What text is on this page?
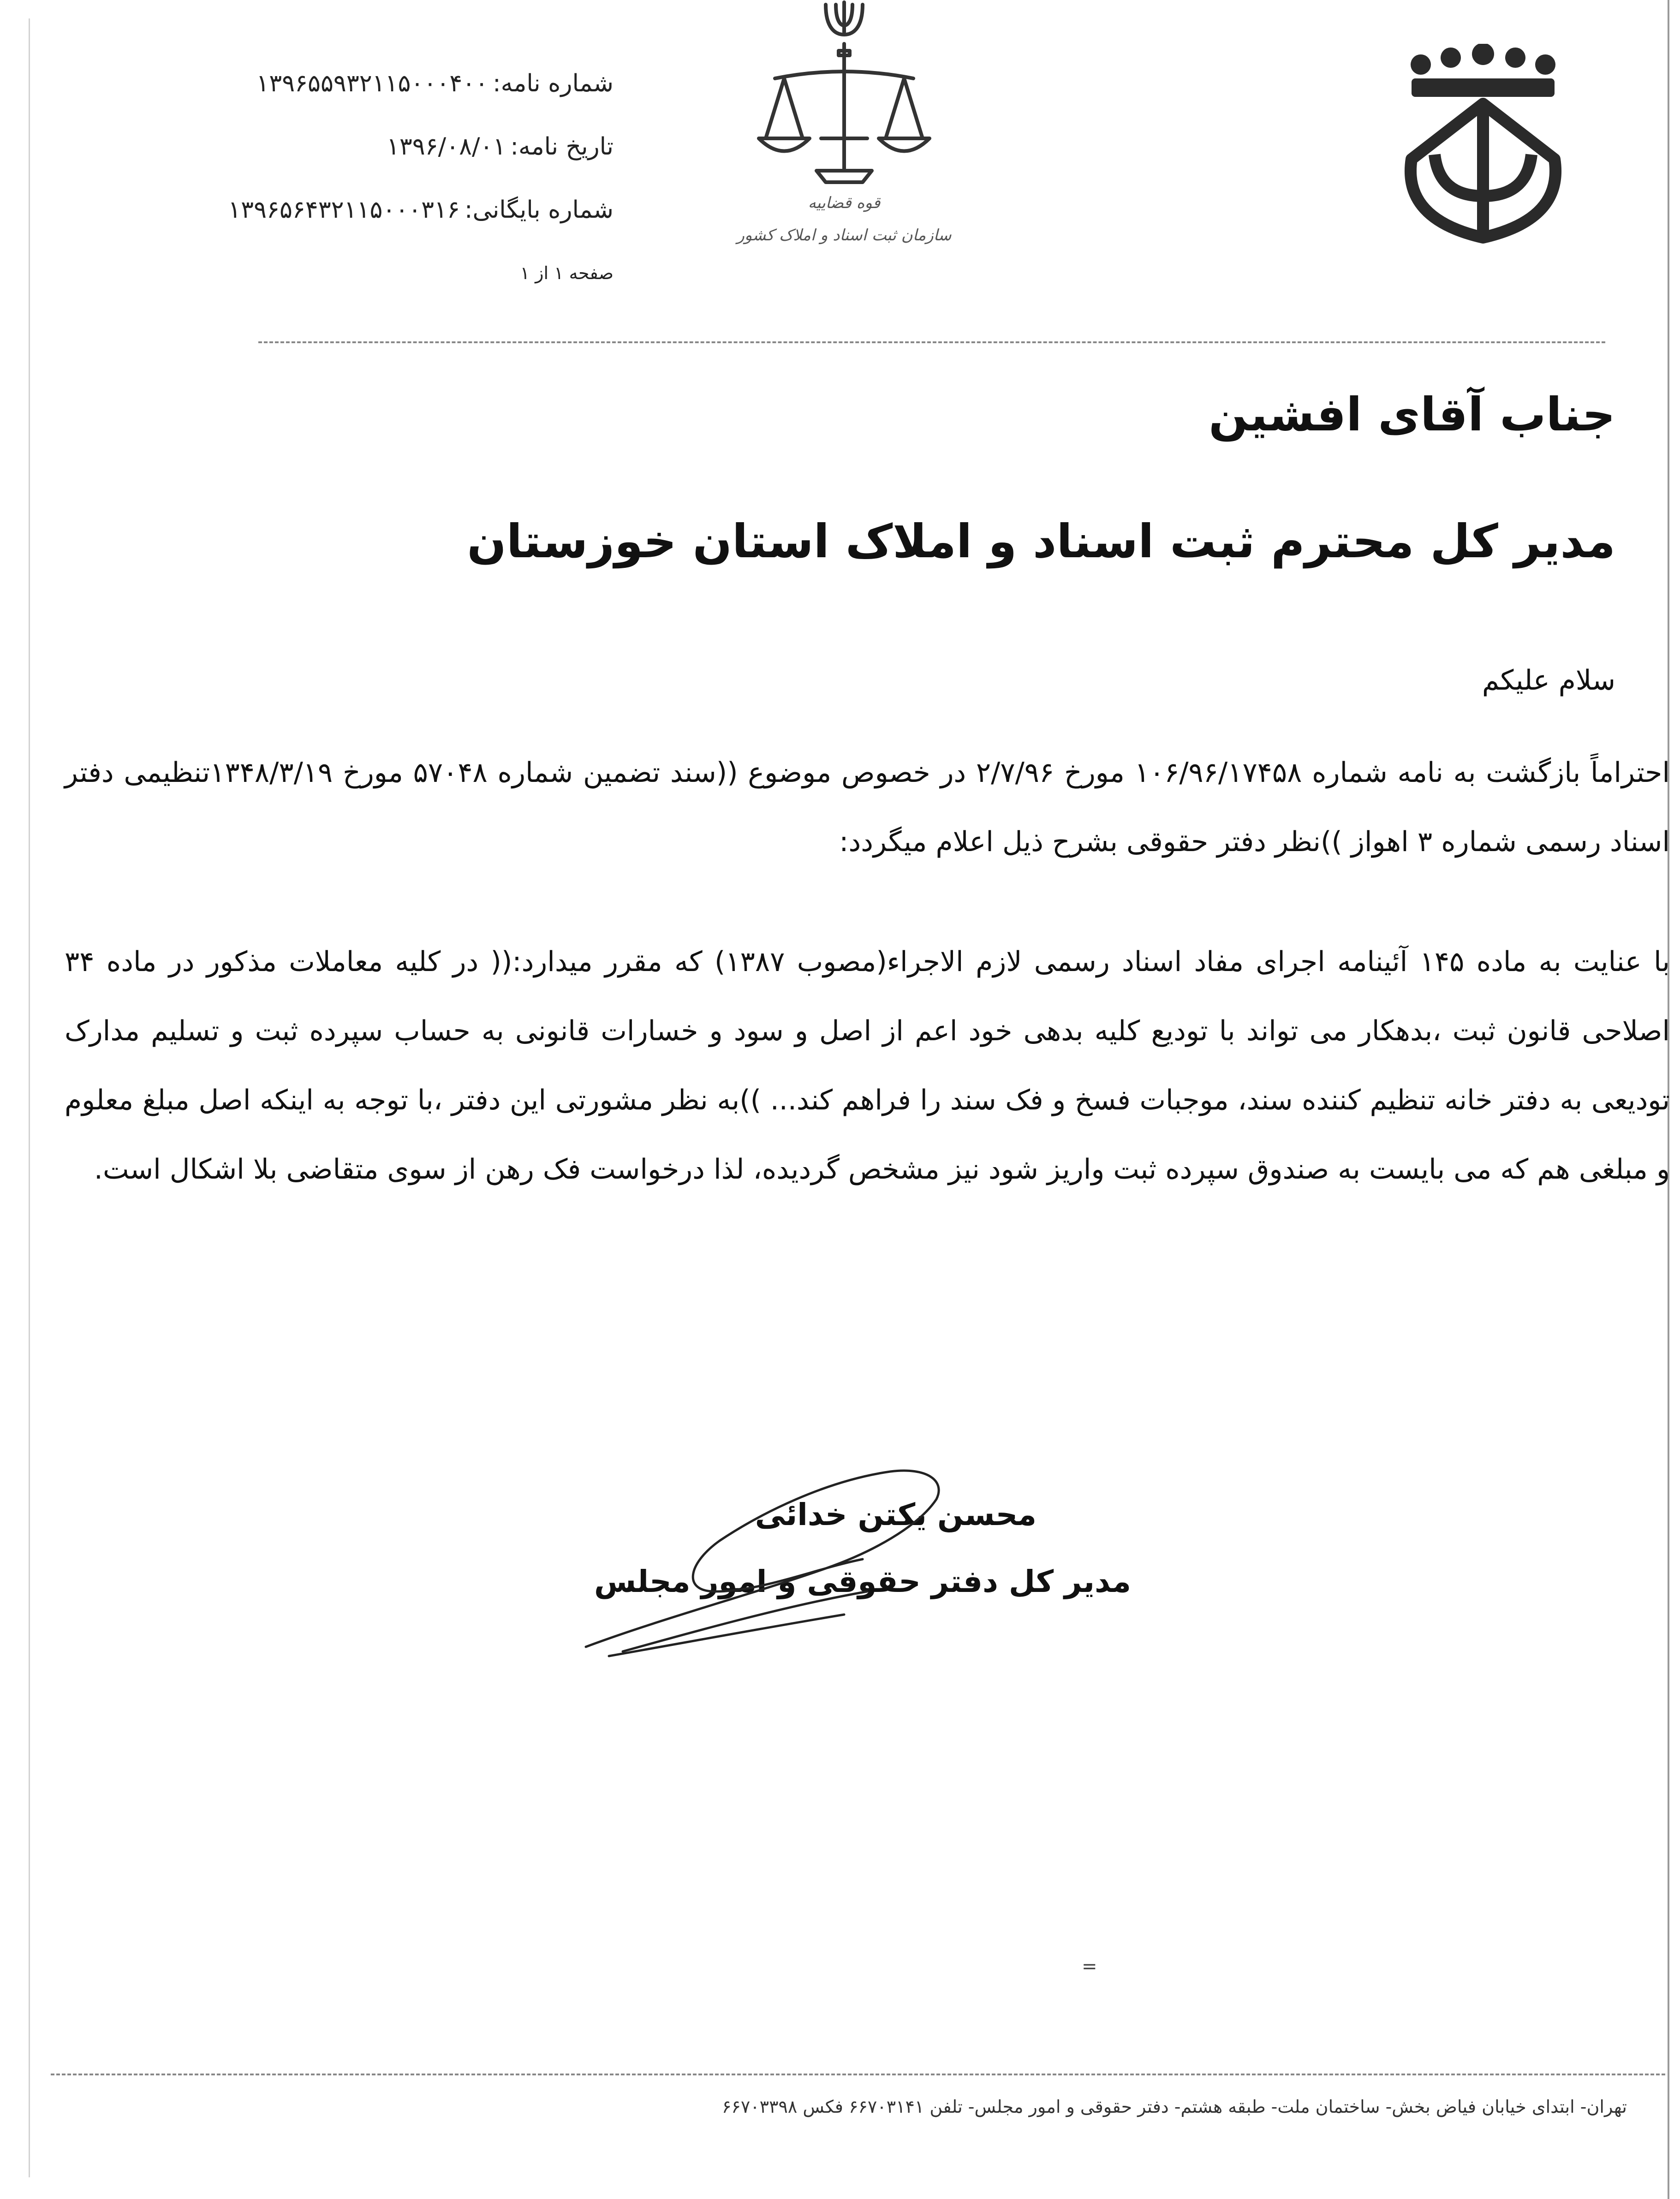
شماره نامه:۱۳۹۶۵۵۹۳۲۱۱۵۰۰۰۴۰۰
تاریخ نامه:۱۳۹۶/۰۸/۰۱
شماره بایگانی:۱۳۹۶۵۶۴۳۲۱۱۵۰۰۰۳۱۶
صفحه ۱ از ۱
قوه قضاییه
سازمان ثبت اسناد و املاک کشور
جناب آقای افشین
مدیر کل محترم ثبت اسناد و املاک استان خوزستان
سلام علیکم
احتراماً بازگشت به نامه شماره ۱۰۶/۹۶/۱۷۴۵۸ مورخ ۲/۷/۹۶ در خصوص موضوع ((سند تضمین شماره ۵۷۰۴۸ مورخ ۱۳۴۸/۳/۱۹تنظیمی دفتر اسناد رسمی شماره ۳ اهواز ))نظر دفتر حقوقی بشرح ذیل اعلام میگردد:
با عنایت به ماده ۱۴۵ آئینامه اجرای مفاد اسناد رسمی لازم الاجراء(مصوب ۱۳۸۷) که مقرر میدارد:(( در کلیه معاملات مذکور در ماده ۳۴ اصلاحی قانون ثبت ،بدهکار می تواند با تودیع کلیه بدهی خود اعم از اصل و سود و خسارات قانونی به حساب سپرده ثبت و تسلیم مدارک تودیعی به دفتر خانه تنظیم کننده سند، موجبات فسخ و فک سند را فراهم کند... ))به نظر مشورتی این دفتر ،با توجه به اینکه اصل مبلغ معلوم و مبلغی هم که می بایست به صندوق سپرده ثبت واریز شود نیز مشخص گردیده، لذا درخواست فک رهن از سوی متقاضی بلا اشکال است.
محسن یکتن خدائی
مدیر کل دفتر حقوقی و امور مجلس
=
تهران- ابتدای خیابان فیاض بخش- ساختمان ملت- طبقه هشتم- دفتر حقوقی و امور مجلس- تلفن ۶۶۷۰۳۱۴۱ فکس ۶۶۷۰۳۳۹۸
